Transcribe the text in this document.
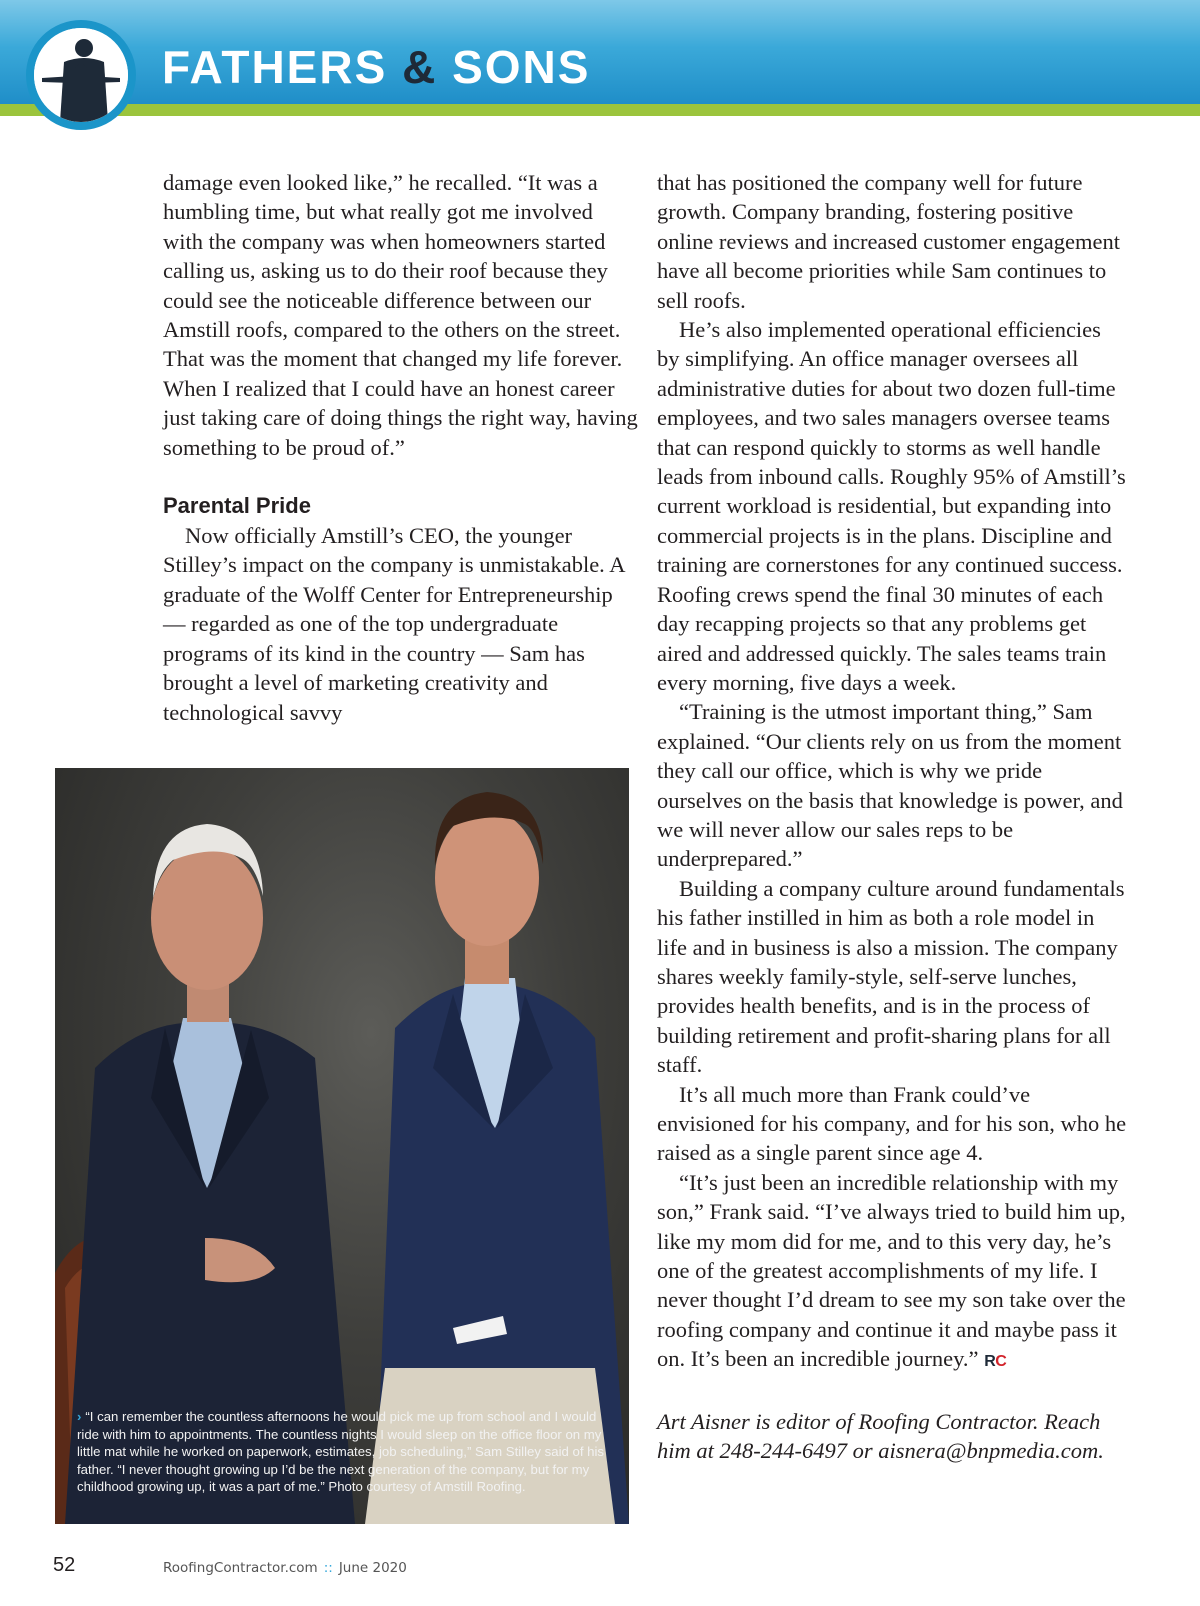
FATHERS & SONS

damage even looked like,” he recalled. “It was a humbling time, but what really got me involved with the company was when homeowners started calling us, asking us to do their roof because they could see the noticeable difference between our Amstill roofs, compared to the others on the street. That was the moment that changed my life forever. When I realized that I could have an honest career just taking care of doing things the right way, having something to be proud of.”

Parental Pride

Now officially Amstill’s CEO, the younger Stilley’s impact on the company is unmistakable. A graduate of the Wolff Center for Entrepreneurship — regarded as one of the top undergraduate programs of its kind in the country — Sam has brought a level of marketing creativity and technological savvy

that has positioned the company well for future growth. Company branding, fostering positive online reviews and increased customer engagement have all become priorities while Sam continues to sell roofs.

He’s also implemented operational efficiencies by simplifying. An office manager oversees all administrative duties for about two dozen full-time employees, and two sales managers oversee teams that can respond quickly to storms as well handle leads from inbound calls. Roughly 95% of Amstill’s current workload is residential, but expanding into commercial projects is in the plans. Discipline and training are cornerstones for any continued success. Roofing crews spend the final 30 minutes of each day recapping projects so that any problems get aired and addressed quickly. The sales teams train every morning, five days a week.

“Training is the utmost important thing,” Sam explained. “Our clients rely on us from the moment they call our office, which is why we pride ourselves on the basis that knowledge is power, and we will never allow our sales reps to be underprepared.”

Building a company culture around fundamentals his father instilled in him as both a role model in life and in business is also a mission. The company shares weekly family-style, self-serve lunches, provides health benefits, and is in the process of building retirement and profit-sharing plans for all staff.

It’s all much more than Frank could’ve envisioned for his company, and for his son, who he raised as a single parent since age 4.

“It’s just been an incredible relationship with my son,” Frank said. “I’ve always tried to build him up, like my mom did for me, and to this very day, he’s one of the greatest accomplishments of my life. I never thought I’d dream to see my son take over the roofing company and continue it and maybe pass it on. It’s been an incredible journey.” RC

Art Aisner is editor of Roofing Contractor. Reach him at 248-244-6497 or aisnera@bnpmedia.com.

› “I can remember the countless afternoons he would pick me up from school and I would ride with him to appointments. The countless nights I would sleep on the office floor on my little mat while he worked on paperwork, estimates, job scheduling,” Sam Stilley said of his father. “I never thought growing up I’d be the next generation of the company, but for my childhood growing up, it was a part of me.” Photo courtesy of Amstill Roofing.
52	RoofingContractor.com :: June 2020
